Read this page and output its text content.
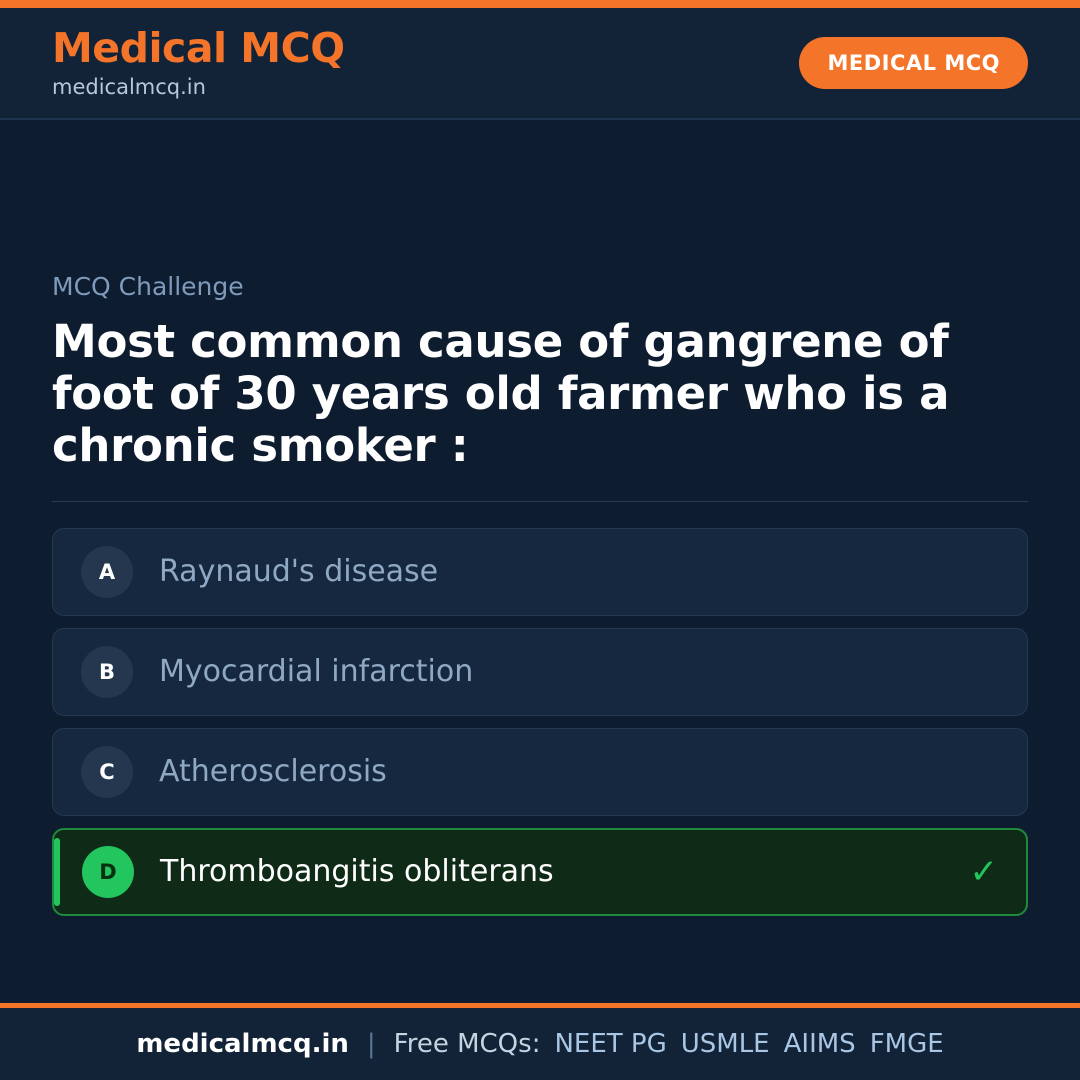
Medical MCQ
medicalmcq.in
MEDICAL MCQ
MCQ Challenge
Most common cause of gangrene of foot of 30 years old farmer who is a chronic smoker :
A	Raynaud's disease
B	Myocardial infarction
C	Atherosclerosis
D	Thromboangitis obliterans	✓
medicalmcq.in | Free MCQs: NEET PG USMLE AIIMS FMGE
